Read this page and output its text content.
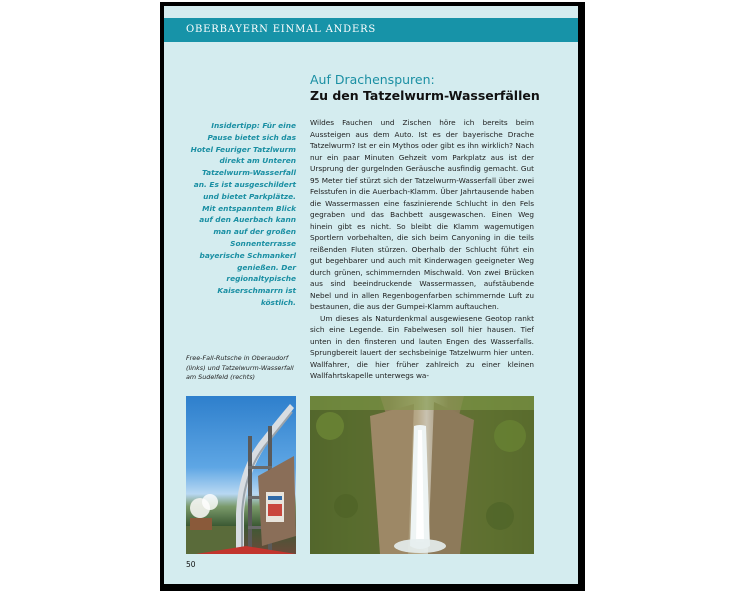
OBERBAYERN EINMAL ANDERS
Auf Drachenspuren:
Zu den Tatzelwurm-Wasserfällen

Insidertipp: Für eine Pause bietet sich das Hotel Feuriger Tatzlwurm direkt am Unteren Tatzelwurm-Wasserfall an. Es ist ausgeschildert und bietet Parkplätze. Mit entspanntem Blick auf den Auerbach kann man auf der großen Sonnenterrasse bayerische Schmankerl genießen. Der regionaltypische Kaiserschmarrn ist köstlich.

Wildes Fauchen und Zischen höre ich bereits beim Aussteigen aus dem Auto. Ist es der bayerische Drache Tatzelwurm? Ist er ein Mythos oder gibt es ihn wirklich? Nach nur ein paar Minuten Gehzeit vom Parkplatz aus ist der Ursprung der gurgelnden Geräusche ausfindig gemacht. Gut 95 Meter tief stürzt sich der Tatzelwurm-Wasserfall über zwei Felsstufen in die Auerbach-Klamm. Über Jahrtausende haben die Wassermassen eine faszinierende Schlucht in den Fels gegraben und das Bachbett ausgewaschen. Einen Weg hinein gibt es nicht. So bleibt die Klamm wagemutigen Sportlern vorbehalten, die sich beim Canyoning in die teils reißenden Fluten stürzen. Oberhalb der Schlucht führt ein gut begehbarer und auch mit Kinderwagen geeigneter Weg durch grünen, schimmernden Mischwald. Von zwei Brücken aus sind beeindruckende Wassermassen, aufstäubende Nebel und in allen Regenbogenfarben schimmernde Luft zu bestaunen, die aus der Gumpei-Klamm auftauchen.

Um dieses als Naturdenkmal ausgewiesene Geotop rankt sich eine Legende. Ein Fabelwesen soll hier hausen. Tief unten in den finsteren und lauten Engen des Wasserfalls. Sprungbereit lauert der sechsbeinige Tatzelwurm hier unten. Wallfahrer, die hier früher zahlreich zu einer kleinen Wallfahrtskapelle unterwegs wa-

Free-Fall-Rutsche in Oberaudorf (links) und Tatzelwurm-Wasserfall am Sudelfeld (rechts)

50
